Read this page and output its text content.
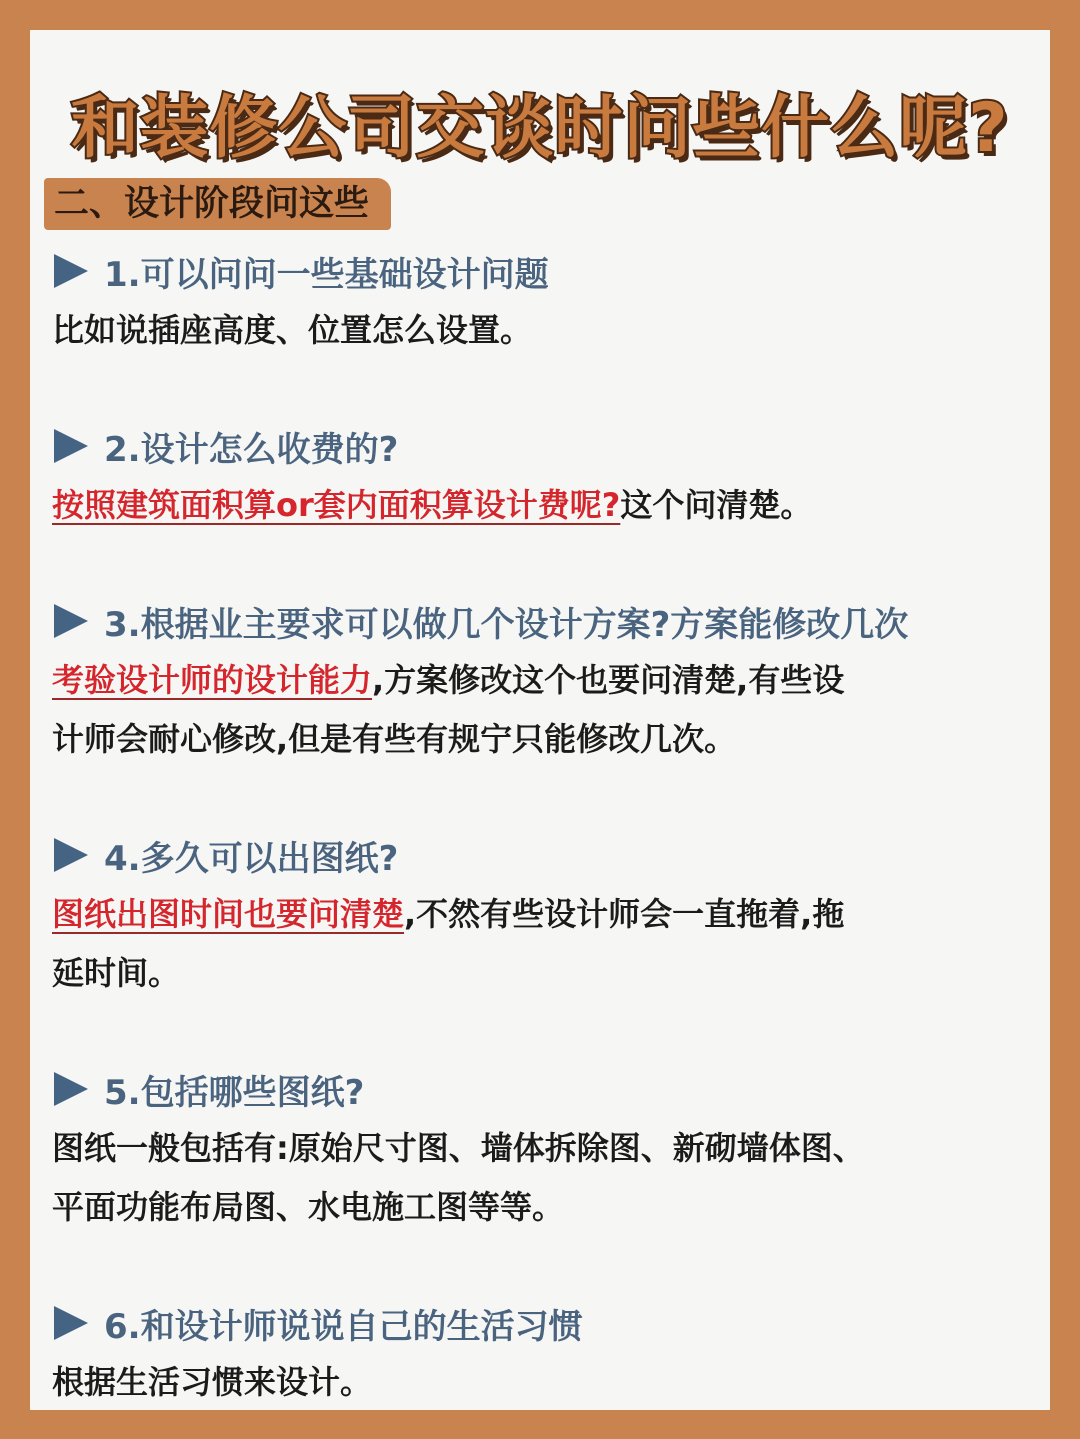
和装修公司交谈时问些什么呢?
二、设计阶段问这些
1.可以问问一些基础设计问题

比如说插座高度、位置怎么设置。

2.设计怎么收费的?

按照建筑面积算or套内面积算设计费呢?这个问清楚。

3.根据业主要求可以做几个设计方案?方案能修改几次

考验设计师的设计能力,方案修改这个也要问清楚,有些设

计师会耐心修改,但是有些有规宁只能修改几次。

4.多久可以出图纸?

图纸出图时间也要问清楚,不然有些设计师会一直拖着,拖

延时间。

5.包括哪些图纸?

图纸一般包括有:原始尺寸图、墙体拆除图、新砌墙体图、

平面功能布局图、水电施工图等等。

6.和设计师说说自己的生活习惯

根据生活习惯来设计。
